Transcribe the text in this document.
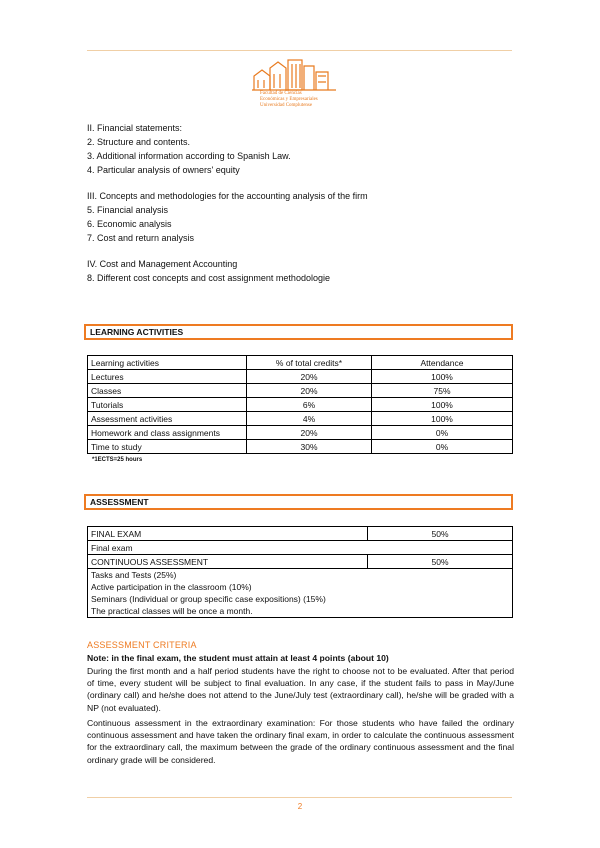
Facultad de Ciencias
Económicas y Empresariales
Universidad Complutense
II. Financial statements:
2. Structure and contents.
3. Additional information according to Spanish Law.
4. Particular analysis of owners' equity
III. Concepts and methodologies for the accounting analysis of the firm
5. Financial analysis
6. Economic analysis
7. Cost and return analysis
IV. Cost and Management Accounting
8. Different cost concepts and cost assignment methodologie
LEARNING ACTIVITIES
Learning activities	% of total credits*	Attendance
Lectures	20%	100%
Classes	20%	75%
Tutorials	6%	100%
Assessment activities	4%	100%
Homework and class assignments	20%	0%
Time to study	30%	0%
*1ECTS=25 hours
ASSESSMENT
FINAL EXAM	50%
Final exam	
CONTINUOUS ASSESSMENT	50%

Tasks and Tests (25%)
Active participation in the classroom (10%)
Seminars (Individual or group specific case expositions) (15%)
The practical classes will be once a month.	
ASSESSMENT CRITERIA
Note: in the final exam, the student must attain at least 4 points (about 10)
During the first month and a half period students have the right to choose not to be evaluated. After that period of time, every student will be subject to final evaluation. In any case, if the student fails to pass in May/June (ordinary call) and he/she does not attend to the June/July test (extraordinary call), he/she will be graded with a NP (not evaluated).
Continuous assessment in the extraordinary examination: For those students who have failed the ordinary continuous assessment and have taken the ordinary final exam, in order to calculate the continuous assessment for the extraordinary call, the maximum between the grade of the ordinary continuous assessment and the final ordinary grade will be considered.
2
